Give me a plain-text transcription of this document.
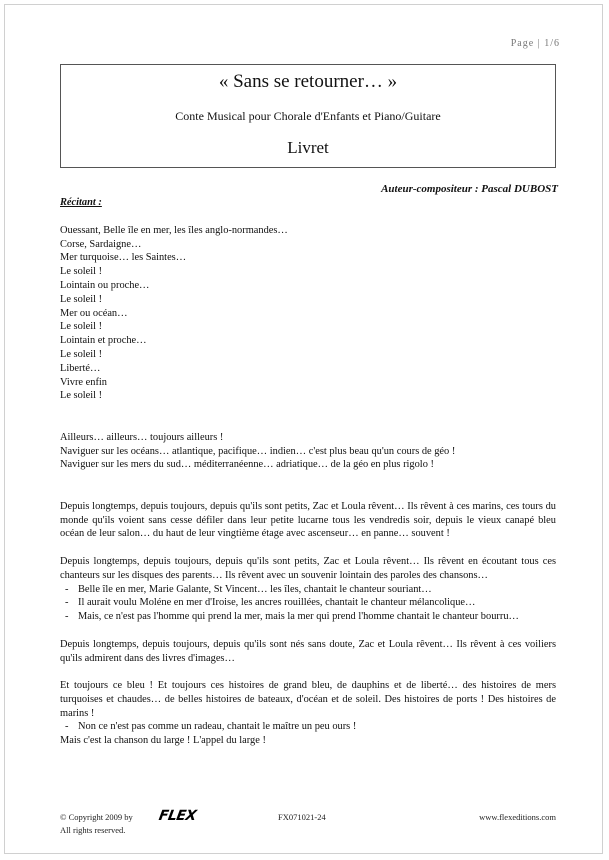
Page | 1/6
« Sans se retourner… »
Conte Musical pour Chorale d'Enfants et Piano/Guitare
Livret
Auteur-compositeur : Pascal DUBOST
Récitant :
Ouessant, Belle île en mer, les îles anglo-normandes…
Corse, Sardaigne…
Mer turquoise… les Saintes…
Le soleil !
Lointain ou proche…
Le soleil !
Mer ou océan…
Le soleil !
Lointain et proche…
Le soleil !
Liberté…
Vivre enfin
Le soleil !
Ailleurs… ailleurs… toujours ailleurs !
Naviguer sur les océans… atlantique, pacifique… indien… c'est plus beau qu'un cours de géo !
Naviguer sur les mers du sud… méditerranéenne… adriatique… de la géo en plus rigolo !
Depuis longtemps, depuis toujours, depuis qu'ils sont petits, Zac et Loula rêvent… Ils rêvent à ces marins, ces tours du monde qu'ils voient sans cesse défiler dans leur petite lucarne tous les vendredis soir, depuis le vieux canapé bleu océan de leur salon… du haut de leur vingtième étage avec ascenseur… en panne… souvent !
Depuis longtemps, depuis toujours, depuis qu'ils sont petits, Zac et Loula rêvent… Ils rêvent en écoutant tous ces chanteurs sur les disques des parents… Ils rêvent avec un souvenir lointain des paroles des chansons…
- Belle île en mer, Marie Galante, St Vincent… les îles, chantait le chanteur souriant…
- Il aurait voulu Moléne en mer d'Iroise, les ancres rouillées, chantait le chanteur mélancolique…
- Mais, ce n'est pas l'homme qui prend la mer, mais la mer qui prend l'homme chantait le chanteur bourru…
Depuis longtemps, depuis toujours, depuis qu'ils sont nés sans doute, Zac et Loula rêvent… Ils rêvent à ces voiliers qu'ils admirent dans des livres d'images…
Et toujours ce bleu ! Et toujours ces histoires de grand bleu, de dauphins et de liberté… des histoires de mers turquoises et chaudes… de belles histoires de bateaux, d'océan et de soleil. Des histoires de ports ! Des histoires de marins !
- Non ce n'est pas comme un radeau, chantait le maître un peu ours !
Mais c'est la chanson du large ! L'appel du large !
© Copyright 2009 by FLEX
All rights reserved.
FX071021-24	www.flexeditions.com
